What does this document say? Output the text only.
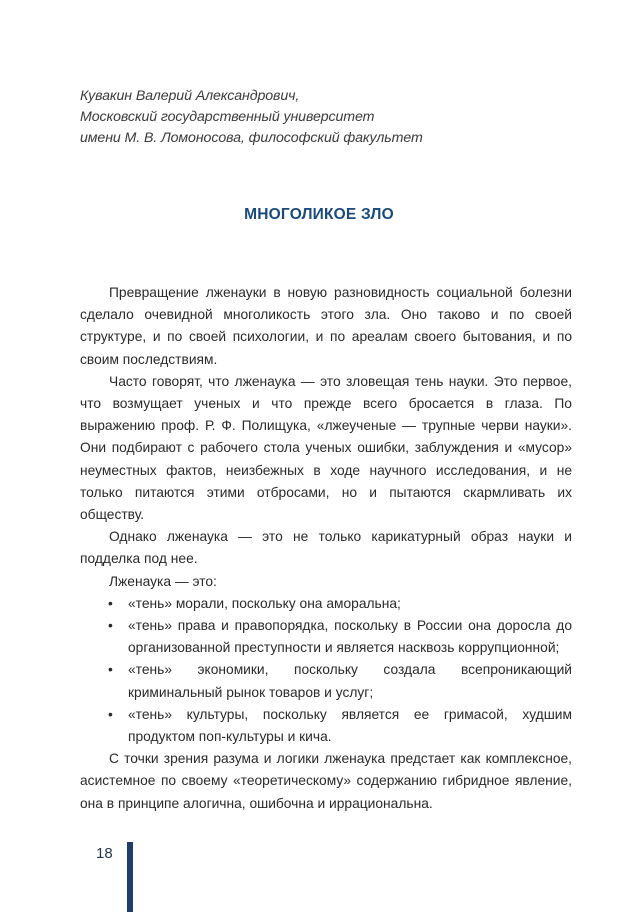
Кувакин Валерий Александрович,
Московский государственный университет
имени М. В. Ломоносова, философский факультет
МНОГОЛИКОЕ ЗЛО

Превращение лженауки в новую разновидность социальной болезни сделало очевидной многоликость этого зла. Оно таково и по своей структуре, и по своей психологии, и по ареалам своего бытования, и по своим последствиям.

Часто говорят, что лженаука — это зловещая тень науки. Это первое, что возмущает ученых и что прежде всего бросается в глаза. По выражению проф. Р. Ф. Полищука, «лжеученые — трупные черви науки». Они подбирают с рабочего стола ученых ошибки, заблуждения и «мусор» неуместных фактов, неизбежных в ходе научного исследования, и не только питаются этими отбросами, но и пытаются скармливать их обществу.

Однако лженаука — это не только карикатурный образ науки и подделка под нее.

Лженаука — это:

• «тень» морали, поскольку она аморальна;
• «тень» права и правопорядка, поскольку в России она доросла до организованной преступности и является насквозь коррупционной;
• «тень» экономики, поскольку создала всепроникающий криминальный рынок товаров и услуг;
• «тень» культуры, поскольку является ее гримасой, худшим продуктом поп-культуры и кича.

С точки зрения разума и логики лженаука предстает как комплексное, асистемное по своему «теоретическому» содержанию гибридное явление, она в принципе алогична, ошибочна и иррациональна.

18
